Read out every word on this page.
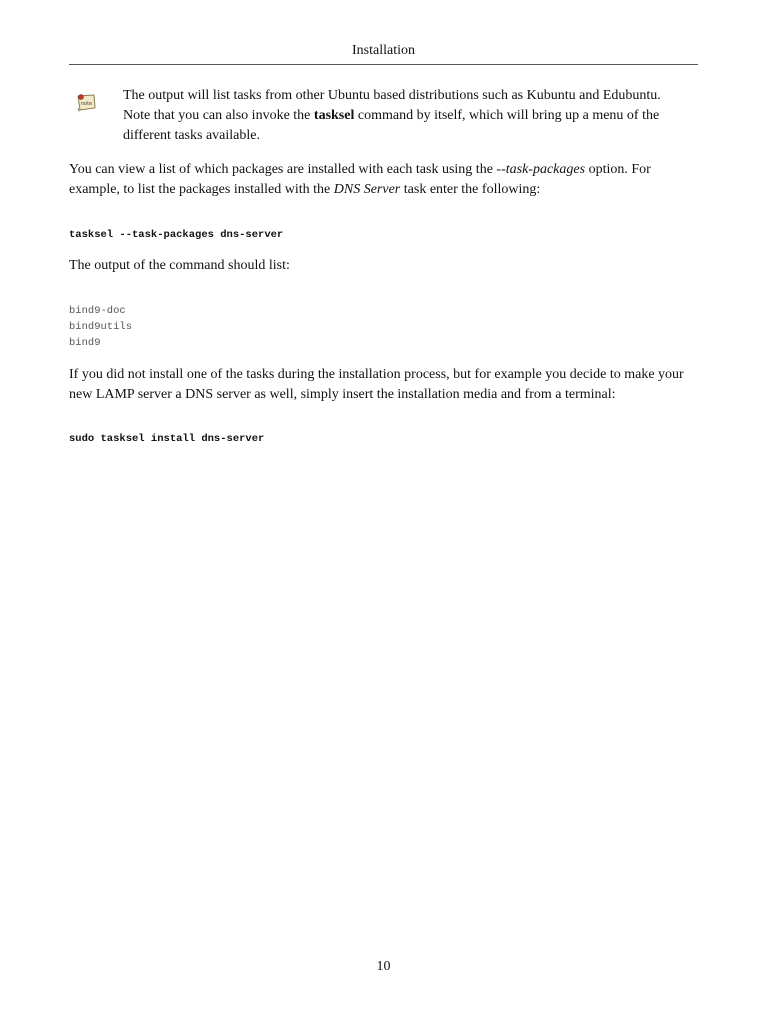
Installation
note
The output will list tasks from other Ubuntu based distributions such as Kubuntu and Edubuntu. Note that you can also invoke the tasksel command by itself, which will bring up a menu of the different tasks available.
You can view a list of which packages are installed with each task using the --task-packages option. For example, to list the packages installed with the DNS Server task enter the following:
tasksel --task-packages dns-server
The output of the command should list:
bind9-doc
bind9utils
bind9
If you did not install one of the tasks during the installation process, but for example you decide to make your new LAMP server a DNS server as well, simply insert the installation media and from a terminal:
sudo tasksel install dns-server
10
